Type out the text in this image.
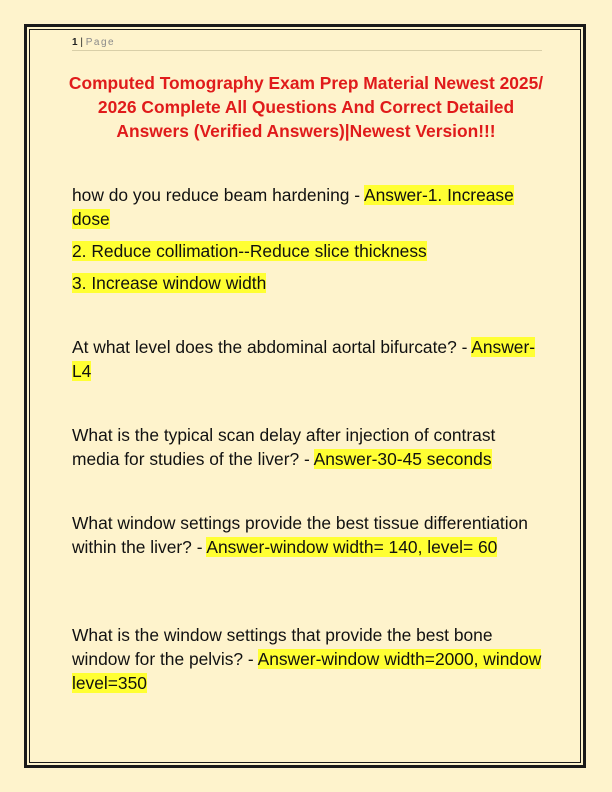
1 | Page
Computed Tomography Exam Prep Material Newest 2025/ 2026 Complete All Questions And Correct Detailed Answers (Verified Answers)|Newest Version!!!
how do you reduce beam hardening - Answer-1. Increase dose
2. Reduce collimation--Reduce slice thickness
3. Increase window width
At what level does the abdominal aortal bifurcate? - Answer-L4
What is the typical scan delay after injection of contrast media for studies of the liver? - Answer-30-45 seconds
What window settings provide the best tissue differentiation within the liver? - Answer-window width= 140, level= 60
What is the window settings that provide the best bone window for the pelvis? - Answer-window width=2000, window level=350
